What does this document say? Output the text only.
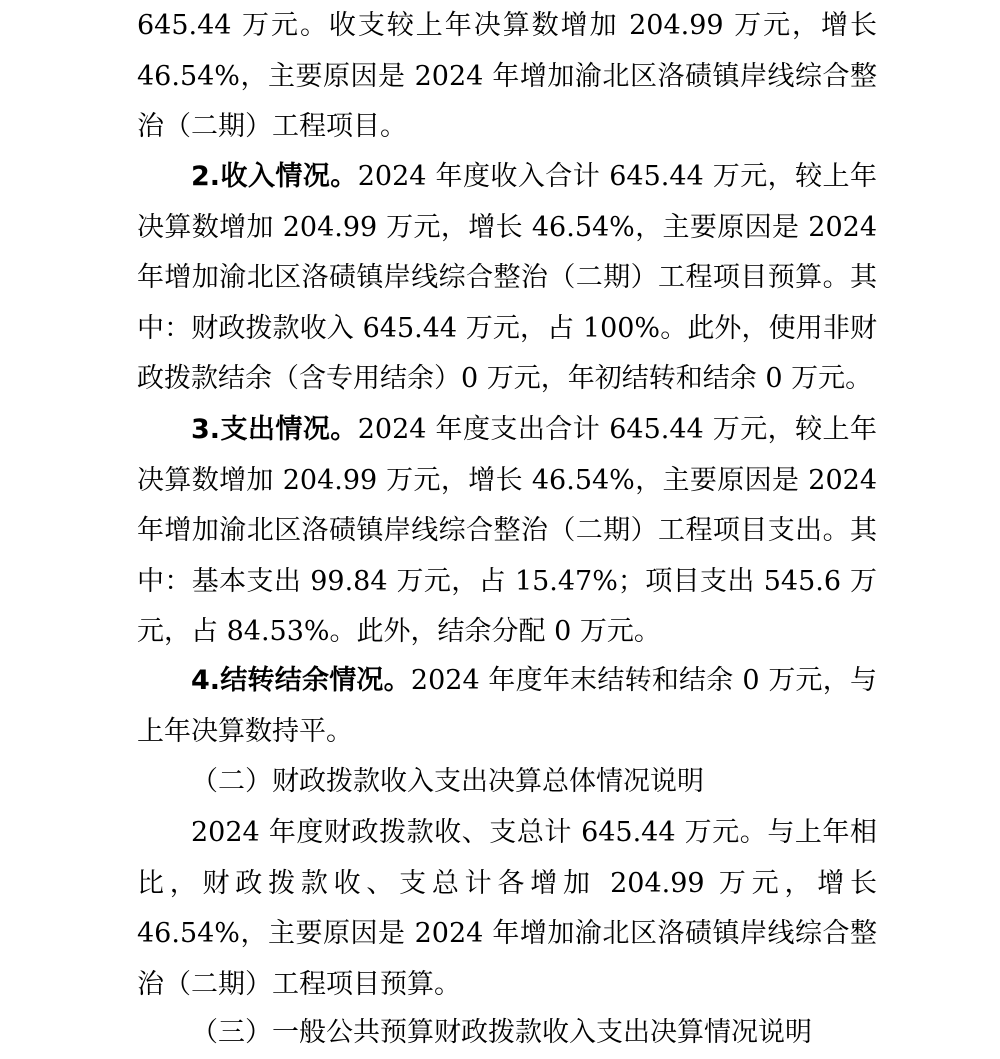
645.44 万元。收支较上年决算数增加 204.99 万元，增长 46.54%，主要原因是 2024 年增加渝北区洛碛镇岸线综合整治（二期）工程项目。

2.收入情况。2024 年度收入合计 645.44 万元，较上年决算数增加 204.99 万元，增长 46.54%，主要原因是 2024 年增加渝北区洛碛镇岸线综合整治（二期）工程项目预算。其中：财政拨款收入 645.44 万元，占 100%。此外，使用非财政拨款结余（含专用结余）0 万元，年初结转和结余 0 万元。

3.支出情况。2024 年度支出合计 645.44 万元，较上年决算数增加 204.99 万元，增长 46.54%，主要原因是 2024 年增加渝北区洛碛镇岸线综合整治（二期）工程项目支出。其中：基本支出 99.84 万元，占 15.47%；项目支出 545.6 万元，占 84.53%。此外，结余分配 0 万元。

4.结转结余情况。2024 年度年末结转和结余 0 万元，与上年决算数持平。

（二）财政拨款收入支出决算总体情况说明

2024 年度财政拨款收、支总计 645.44 万元。与上年相比，财政拨款收、支总计各增加 204.99 万元，增长 46.54%，主要原因是 2024 年增加渝北区洛碛镇岸线综合整治（二期）工程项目预算。

（三）一般公共预算财政拨款收入支出决算情况说明
